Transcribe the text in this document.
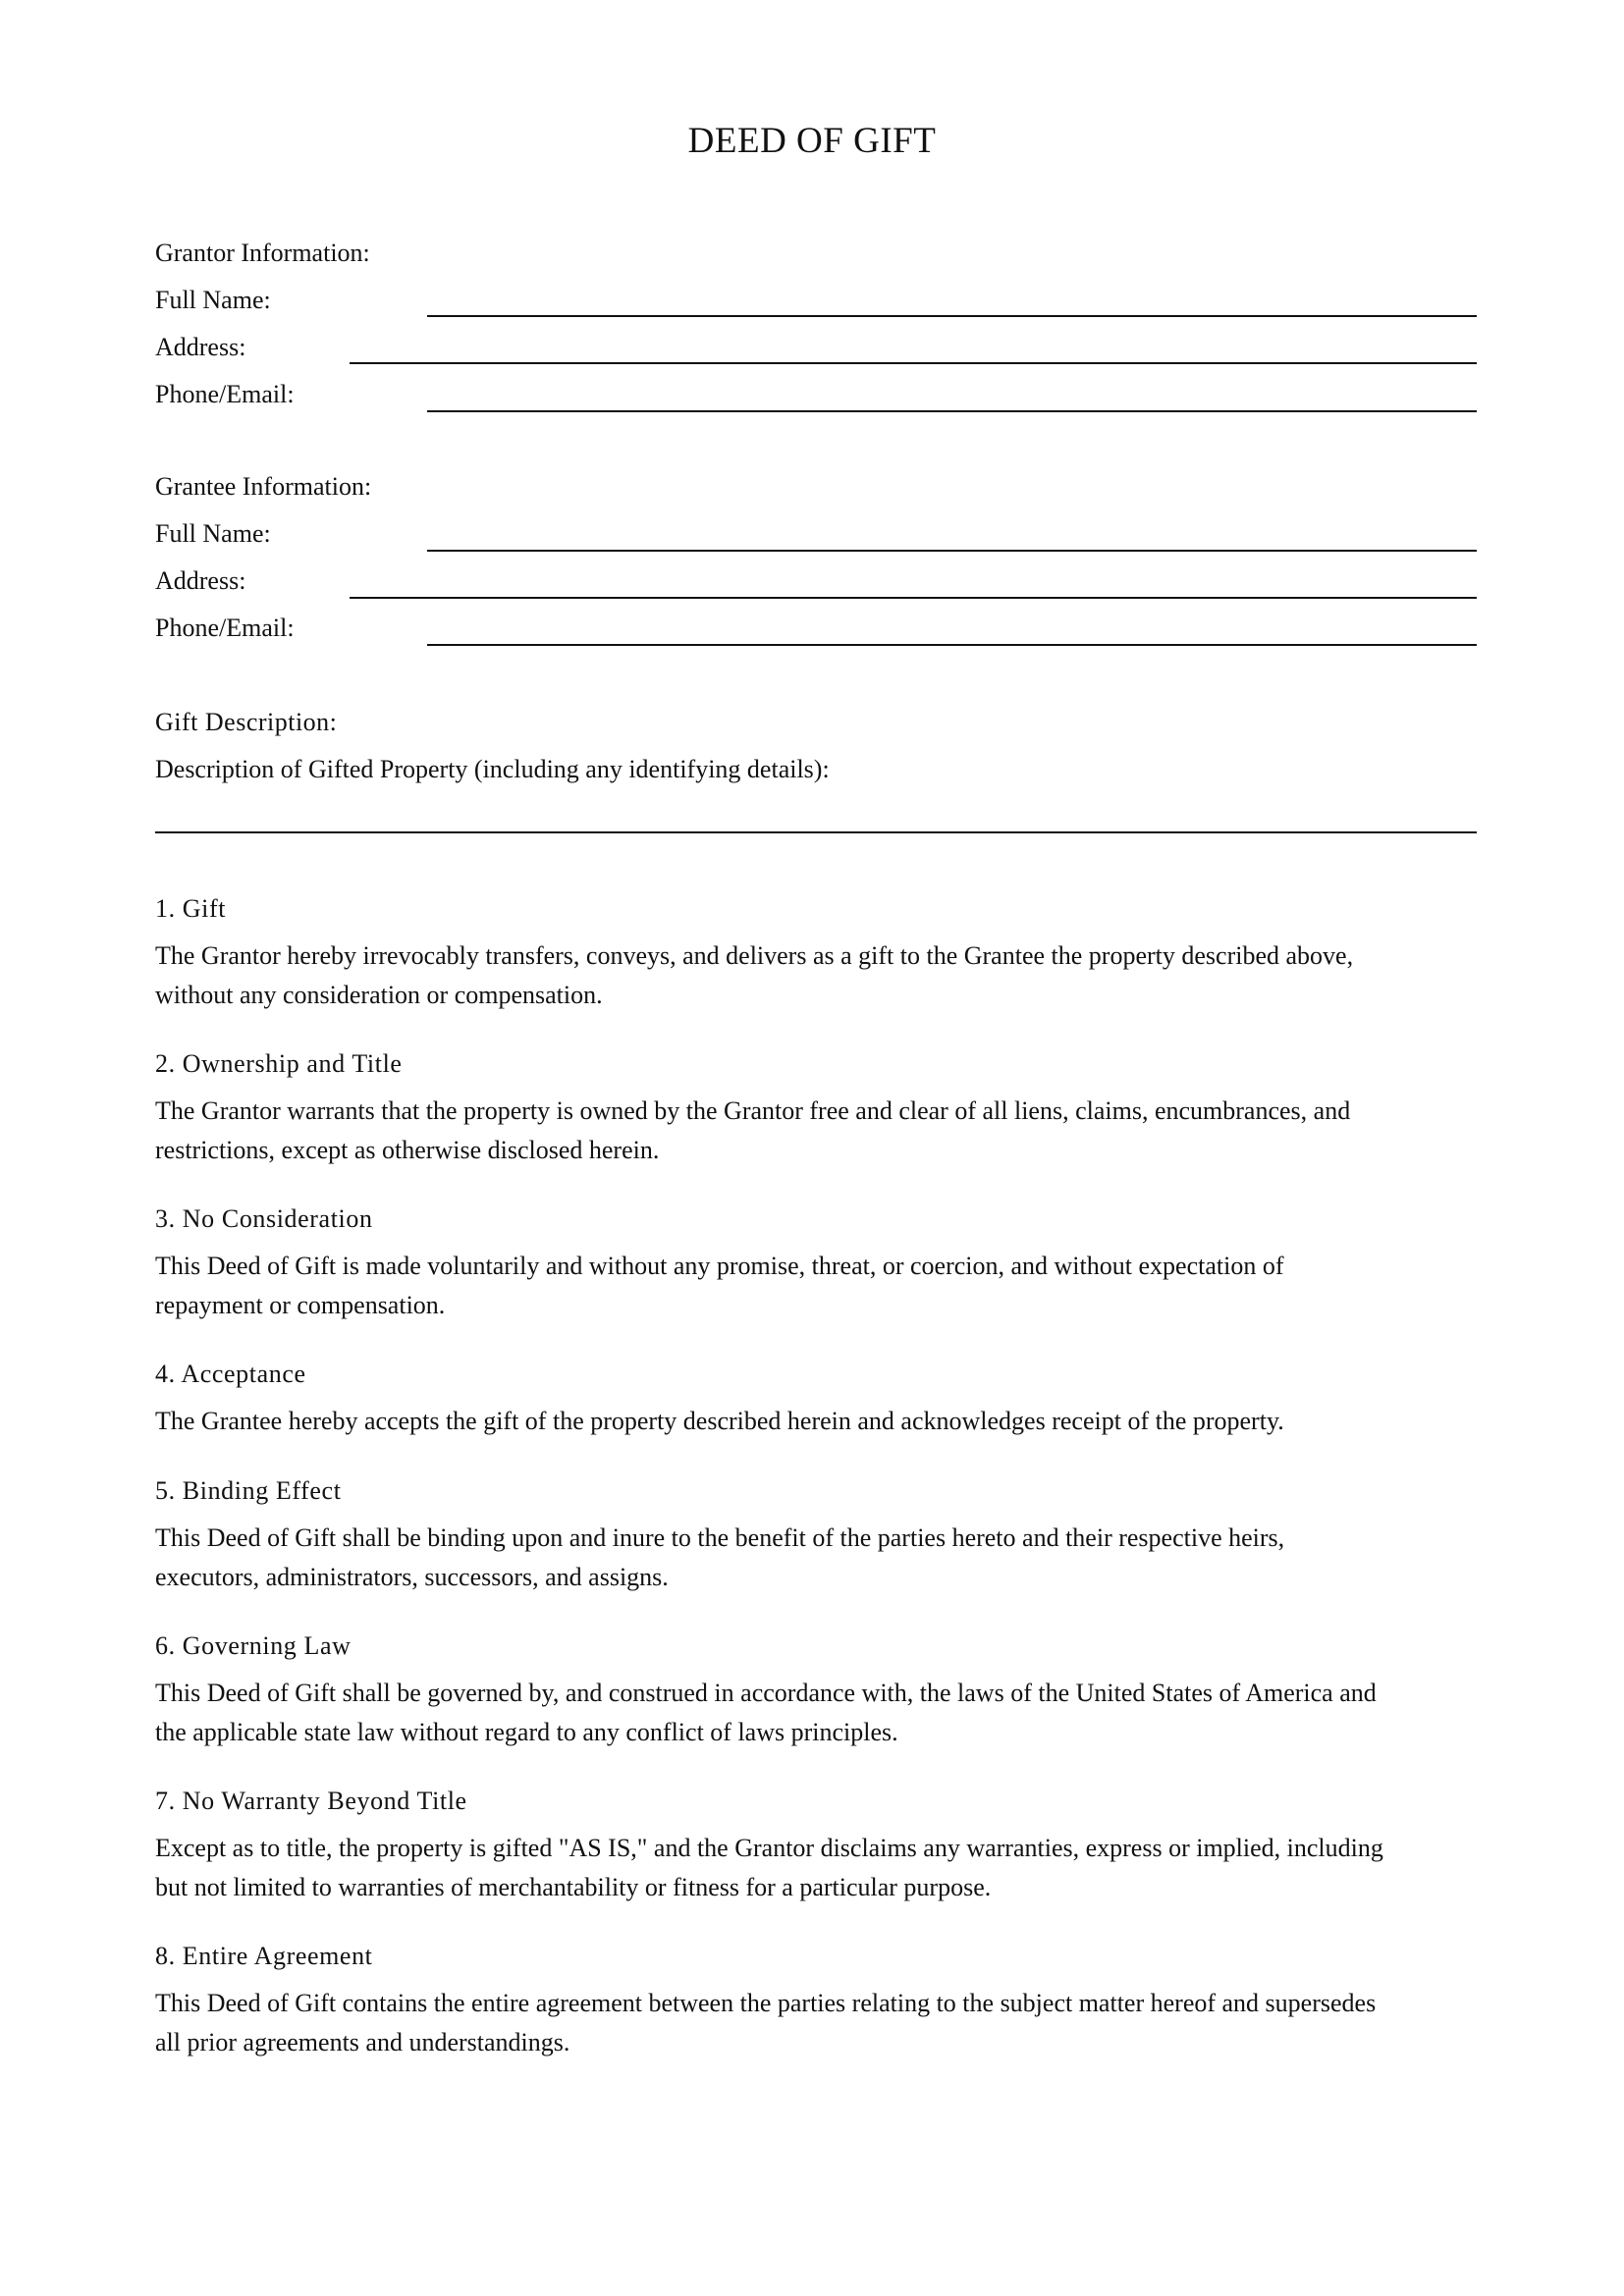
DEED OF GIFT
Grantor Information:
Full Name:
Address:
Phone/Email:
Grantee Information:
Full Name:
Address:
Phone/Email:
Gift Description:
Description of Gifted Property (including any identifying details):
1. Gift
The Grantor hereby irrevocably transfers, conveys, and delivers as a gift to the Grantee the property described above,
without any consideration or compensation.
2. Ownership and Title
The Grantor warrants that the property is owned by the Grantor free and clear of all liens, claims, encumbrances, and
restrictions, except as otherwise disclosed herein.
3. No Consideration
This Deed of Gift is made voluntarily and without any promise, threat, or coercion, and without expectation of
repayment or compensation.
4. Acceptance
The Grantee hereby accepts the gift of the property described herein and acknowledges receipt of the property.
5. Binding Effect
This Deed of Gift shall be binding upon and inure to the benefit of the parties hereto and their respective heirs,
executors, administrators, successors, and assigns.
6. Governing Law
This Deed of Gift shall be governed by, and construed in accordance with, the laws of the United States of America and
the applicable state law without regard to any conflict of laws principles.
7. No Warranty Beyond Title
Except as to title, the property is gifted "AS IS," and the Grantor disclaims any warranties, express or implied, including
but not limited to warranties of merchantability or fitness for a particular purpose.
8. Entire Agreement
This Deed of Gift contains the entire agreement between the parties relating to the subject matter hereof and supersedes
all prior agreements and understandings.
